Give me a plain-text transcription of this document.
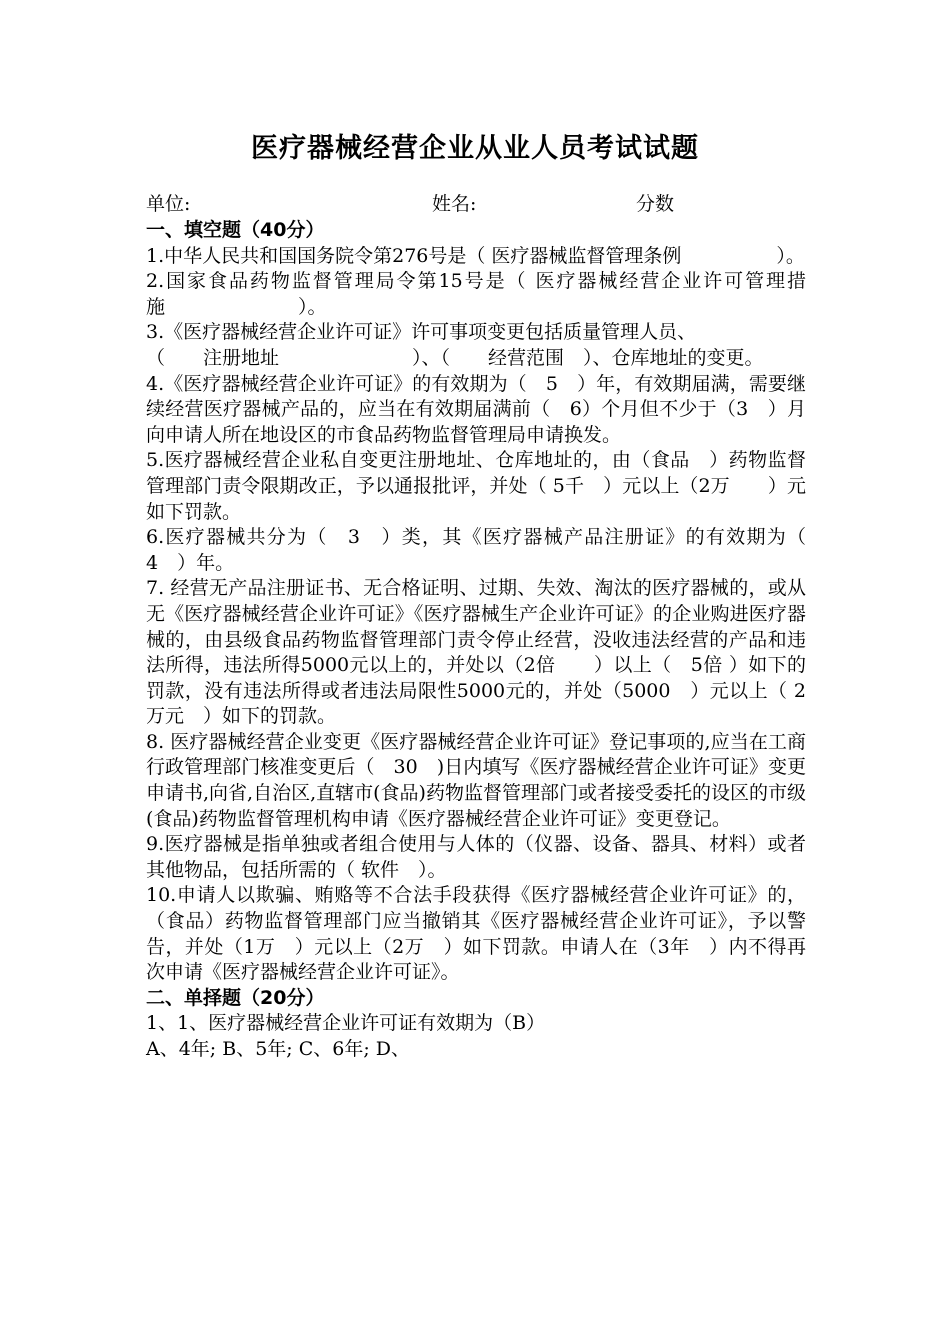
医疗器械经营企业从业人员考试试题
单位:	姓名:	分数

一、填空题（40分）

1.中华人民共和国国务院令第276号是（ 医疗器械监督管理条例　　　　　）。

2.国家食品药物监督管理局令第15号是（ 医疗器械经营企业许可管理措施　　　　　　　）。

3.《医疗器械经营企业许可证》许可事项变更包括质量管理人员、

（　　注册地址　　　　　　　）、（　　经营范围　）、仓库地址的变更。

4.《医疗器械经营企业许可证》的有效期为（　5　）年，有效期届满，需要继续经营医疗器械产品的，应当在有效期届满前（　6）个月但不少于（3　）月向申请人所在地设区的市食品药物监督管理局申请换发。

5.医疗器械经营企业私自变更注册地址、仓库地址的，由（食品　）药物监督管理部门责令限期改正，予以通报批评，并处（ 5千　）元以上（2万　　）元如下罚款。

6.医疗器械共分为（　3　）类，其《医疗器械产品注册证》的有效期为（　4　）年。

7. 经营无产品注册证书、无合格证明、过期、失效、淘汰的医疗器械的，或从无《医疗器械经营企业许可证》《医疗器械生产企业许可证》的企业购进医疗器械的，由县级食品药物监督管理部门责令停止经营，没收违法经营的产品和违法所得，违法所得5000元以上的，并处以（2倍　　）以上（　5倍 ）如下的罚款，没有违法所得或者违法局限性5000元的，并处（5000　）元以上（ 2万元　）如下的罚款。

8. 医疗器械经营企业变更《医疗器械经营企业许可证》登记事项的,应当在工商行政管理部门核准变更后（　30　)日内填写《医疗器械经营企业许可证》变更申请书,向省,自治区,直辖市(食品)药物监督管理部门或者接受委托的设区的市级(食品)药物监督管理机构申请《医疗器械经营企业许可证》变更登记。

9.医疗器械是指单独或者组合使用与人体的（仪器、设备、器具、材料）或者其他物品，包括所需的（ 软件　）。

10.申请人以欺骗、贿赂等不合法手段获得《医疗器械经营企业许可证》的，（食品）药物监督管理部门应当撤销其《医疗器械经营企业许可证》，予以警告，并处（1万　）元以上（2万　）如下罚款。申请人在（3年　）内不得再次申请《医疗器械经营企业许可证》。

二、单择题（20分）

1、1、医疗器械经营企业许可证有效期为（B）

A、4年; B、5年; C、6年; D、
